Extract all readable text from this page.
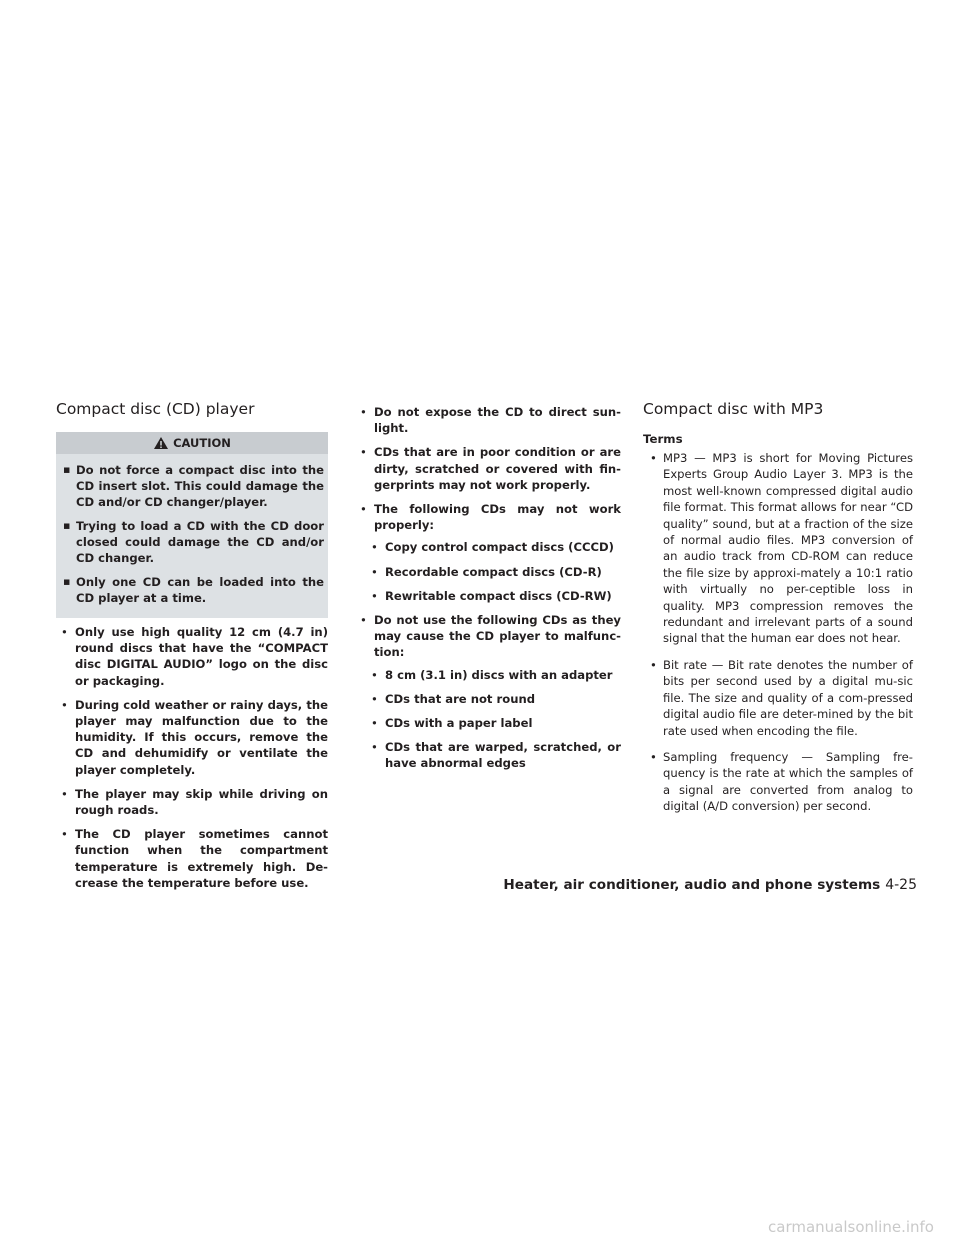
Compact disc (CD) player
CAUTION
▪ Do not force a compact disc into the CD insert slot. This could damage the CD and/or CD changer/player.
▪ Trying to load a CD with the CD door closed could damage the CD and/or CD changer.
▪ Only one CD can be loaded into the CD player at a time.
• Only use high quality 12 cm (4.7 in) round discs that have the “COMPACT disc DIGITAL AUDIO” logo on the disc or packaging.
• During cold weather or rainy days, the player may malfunction due to the humidity. If this occurs, remove the CD and dehumidify or ventilate the player completely.
• The player may skip while driving on rough roads.
• The CD player sometimes cannot function when the compartment temperature is extremely high. De-crease the temperature before use.
• Do not expose the CD to direct sun-light.
• CDs that are in poor condition or are dirty, scratched or covered with fin-gerprints may not work properly.
• The following CDs may not work properly:
• Copy control compact discs (CCCD)
• Recordable compact discs (CD-R)
• Rewritable compact discs (CD-RW)
• Do not use the following CDs as they may cause the CD player to malfunc-tion:
• 8 cm (3.1 in) discs with an adapter
• CDs that are not round
• CDs with a paper label
• CDs that are warped, scratched, or have abnormal edges
Compact disc with MP3
Terms
• MP3 — MP3 is short for Moving Pictures Experts Group Audio Layer 3. MP3 is the most well-known compressed digital audio file format. This format allows for near “CD quality” sound, but at a fraction of the size of normal audio files. MP3 conversion of an audio track from CD-ROM can reduce the file size by approxi-mately a 10:1 ratio with virtually no per-ceptible loss in quality. MP3 compression removes the redundant and irrelevant parts of a sound signal that the human ear does not hear.
• Bit rate — Bit rate denotes the number of bits per second used by a digital mu-sic file. The size and quality of a com-pressed digital audio file are deter-mined by the bit rate used when encoding the file.
• Sampling frequency — Sampling fre-quency is the rate at which the samples of a signal are converted from analog to digital (A/D conversion) per second.
Heater, air conditioner, audio and phone systems 4-25
carmanualsonline.info
